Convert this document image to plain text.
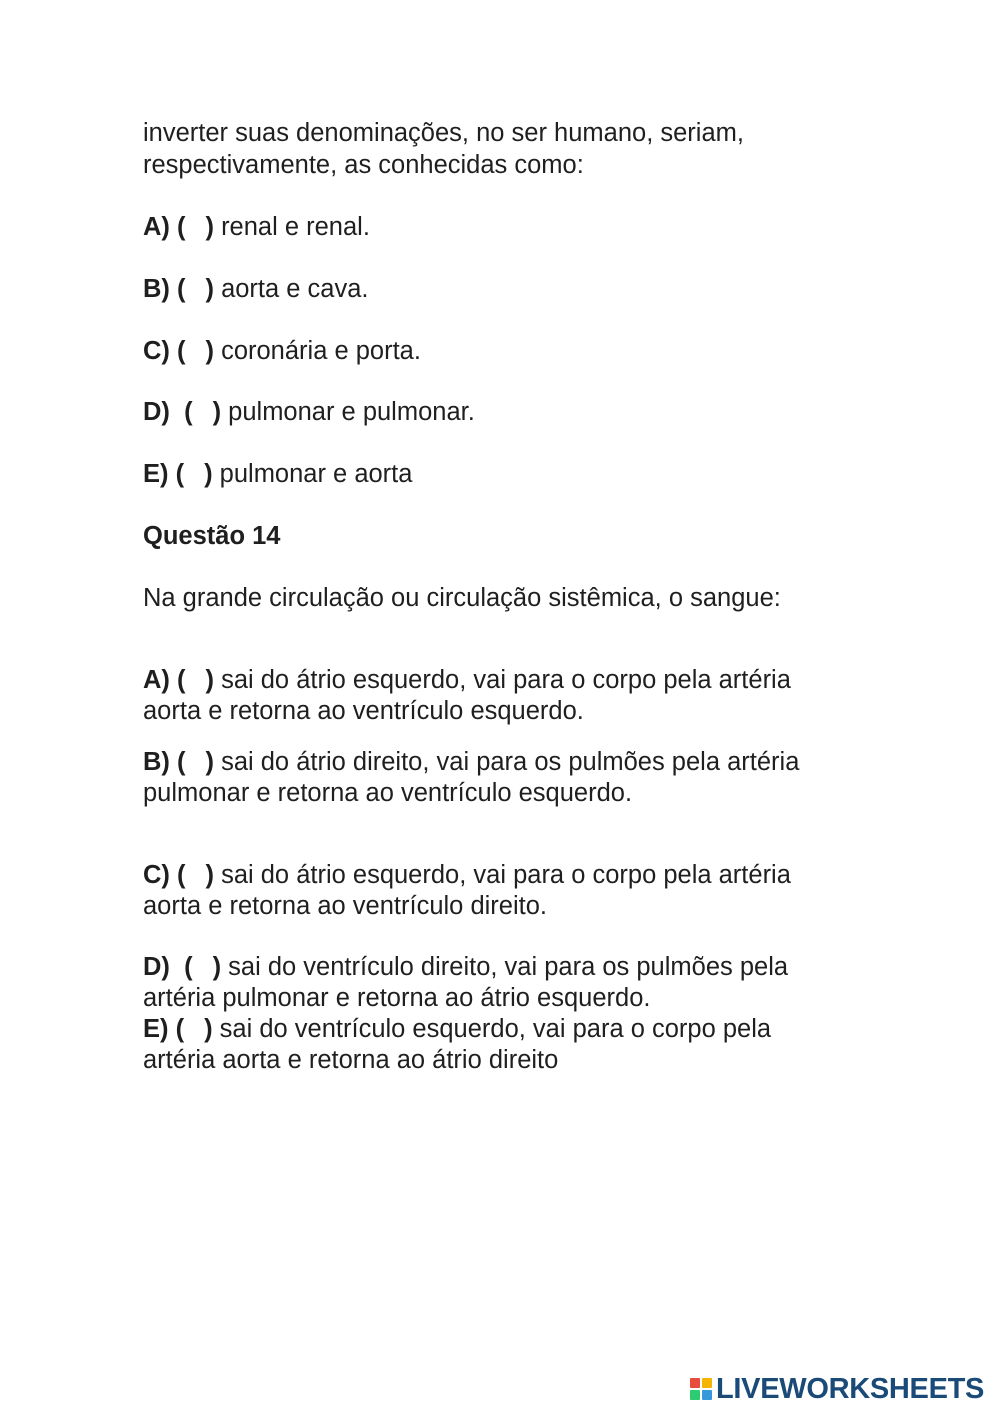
inverter suas denominações, no ser humano, seriam,
respectivamente, as conhecidas como:
A) ( ) renal e renal.
B) ( ) aorta e cava.
C) ( ) coronária e porta.
D)  ( ) pulmonar e pulmonar.
E) ( ) pulmonar e aorta
Questão 14
Na grande circulação ou circulação sistêmica, o sangue:
A) ( ) sai do átrio esquerdo, vai para o corpo pela artéria
aorta e retorna ao ventrículo esquerdo.
B) ( ) sai do átrio direito, vai para os pulmões pela artéria
pulmonar e retorna ao ventrículo esquerdo.
C) ( ) sai do átrio esquerdo, vai para o corpo pela artéria
aorta e retorna ao ventrículo direito.
D)  ( ) sai do ventrículo direito, vai para os pulmões pela
artéria pulmonar e retorna ao átrio esquerdo.
E) ( ) sai do ventrículo esquerdo, vai para o corpo pela
artéria aorta e retorna ao átrio direito
LIVEWORKSHEETS
